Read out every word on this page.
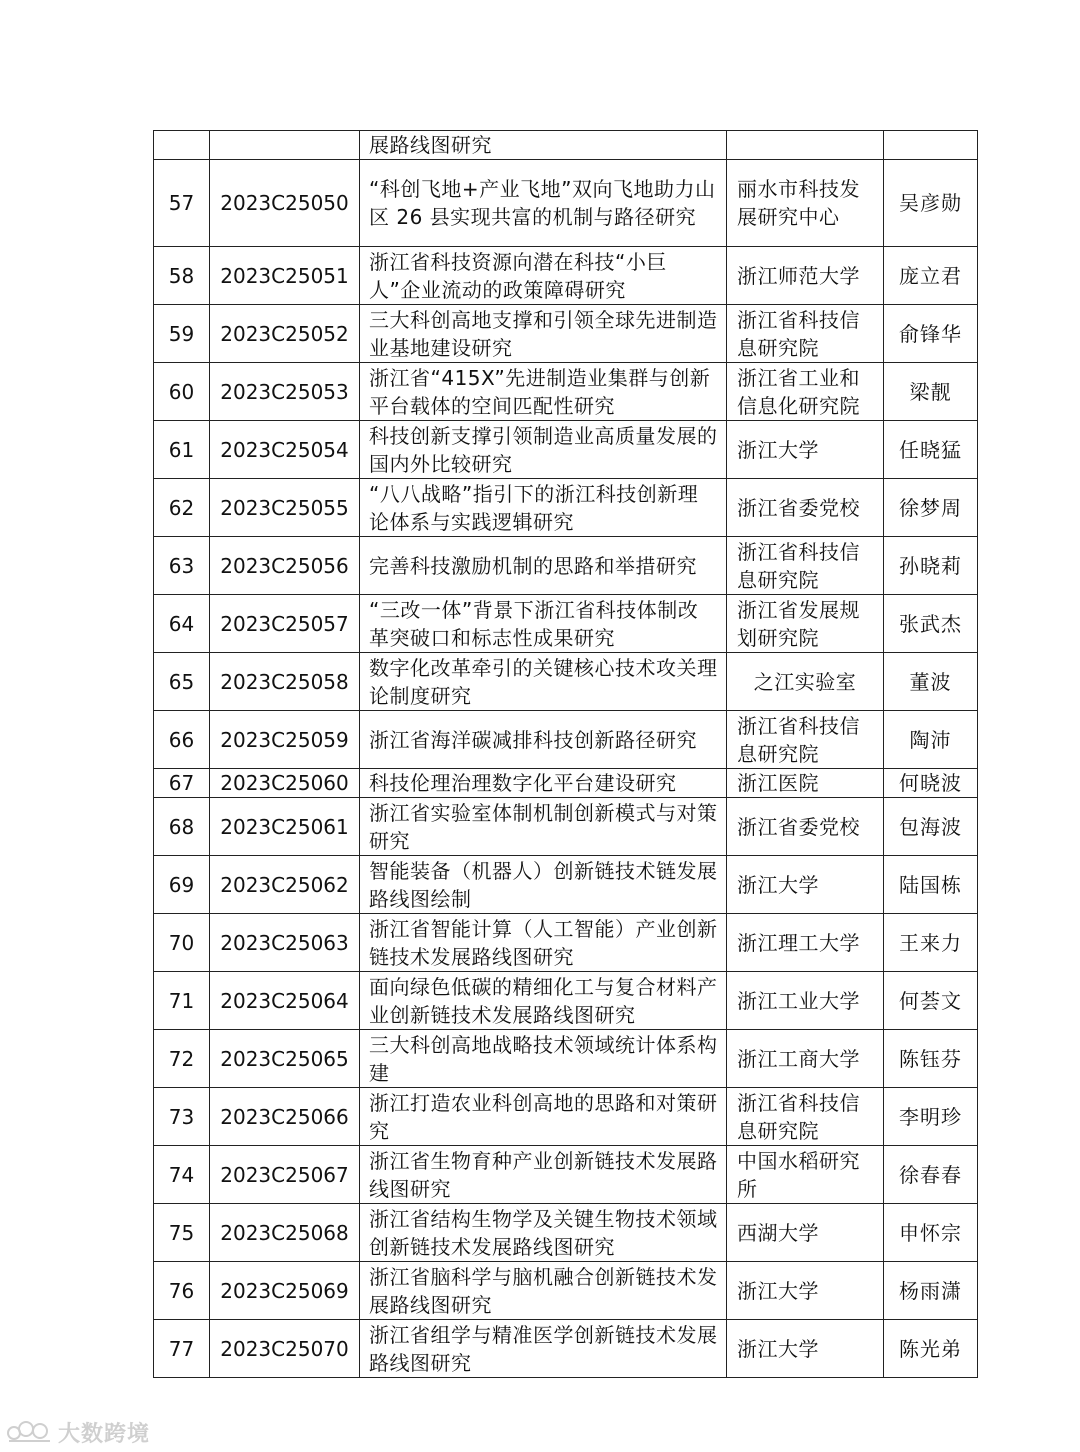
		展路线图研究		
57	2023C25050	“科创飞地+产业飞地”双向飞地助力山区 26 县实现共富的机制与路径研究	丽水市科技发展研究中心	吴彦勋
58	2023C25051	浙江省科技资源向潜在科技“小巨人”企业流动的政策障碍研究	浙江师范大学	庞立君
59	2023C25052	三大科创高地支撑和引领全球先进制造业基地建设研究	浙江省科技信息研究院	俞锋华
60	2023C25053	浙江省“415X”先进制造业集群与创新平台载体的空间匹配性研究	浙江省工业和信息化研究院	梁靓
61	2023C25054	科技创新支撑引领制造业高质量发展的国内外比较研究	浙江大学	任晓猛
62	2023C25055	“八八战略”指引下的浙江科技创新理论体系与实践逻辑研究	浙江省委党校	徐梦周
63	2023C25056	完善科技激励机制的思路和举措研究	浙江省科技信息研究院	孙晓莉
64	2023C25057	“三改一体”背景下浙江省科技体制改革突破口和标志性成果研究	浙江省发展规划研究院	张武杰
65	2023C25058	数字化改革牵引的关键核心技术攻关理论制度研究	之江实验室	董波
66	2023C25059	浙江省海洋碳减排科技创新路径研究	浙江省科技信息研究院	陶沛
67	2023C25060	科技伦理治理数字化平台建设研究	浙江医院	何晓波
68	2023C25061	浙江省实验室体制机制创新模式与对策研究	浙江省委党校	包海波
69	2023C25062	智能装备（机器人）创新链技术链发展路线图绘制	浙江大学	陆国栋
70	2023C25063	浙江省智能计算（人工智能）产业创新链技术发展路线图研究	浙江理工大学	王来力
71	2023C25064	面向绿色低碳的精细化工与复合材料产业创新链技术发展路线图研究	浙江工业大学	何荟文
72	2023C25065	三大科创高地战略技术领域统计体系构建	浙江工商大学	陈钰芬
73	2023C25066	浙江打造农业科创高地的思路和对策研究	浙江省科技信息研究院	李明珍
74	2023C25067	浙江省生物育种产业创新链技术发展路线图研究	中国水稻研究所	徐春春
75	2023C25068	浙江省结构生物学及关键生物技术领域创新链技术发展路线图研究	西湖大学	申怀宗
76	2023C25069	浙江省脑科学与脑机融合创新链技术发展路线图研究	浙江大学	杨雨潇
77	2023C25070	浙江省组学与精准医学创新链技术发展路线图研究	浙江大学	陈光弟
大数跨境
